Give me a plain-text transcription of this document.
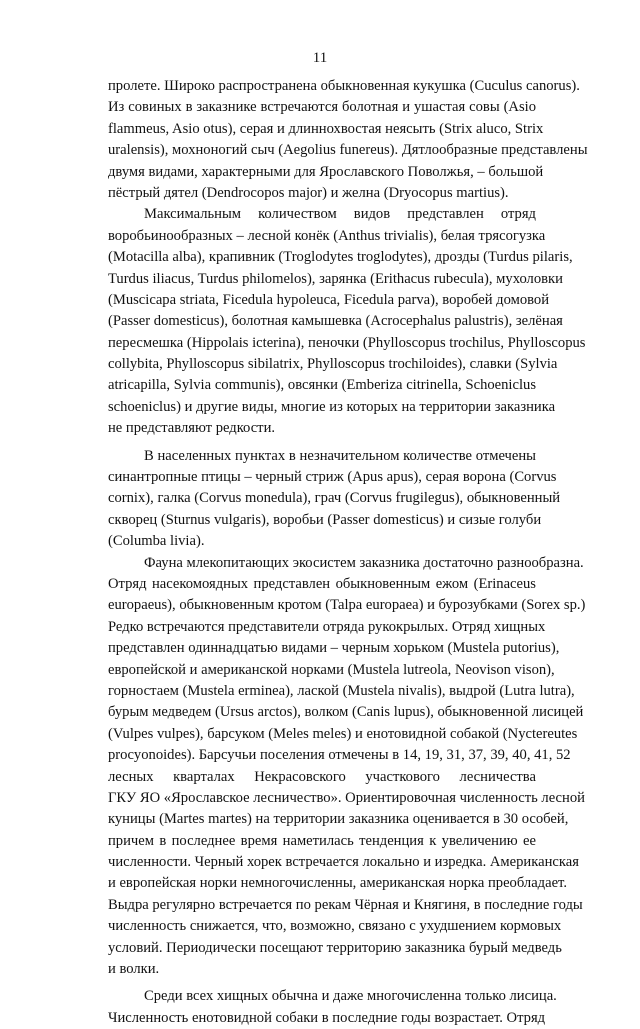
11
пролете. Широко распространена обыкновенная кукушка (Cuculus canorus).
Из совиных в заказнике встречаются болотная и ушастая совы (Asio
flammeus, Asio otus), серая и длиннохвостая неясыть (Strix aluco, Strix
uralensis), мохноногий сыч (Aegolius funereus). Дятлообразные представлены
двумя видами, характерными для Ярославского Поволжья, – большой
пёстрый дятел (Dendrocopos major) и желна (Dryocopus martius).
Максимальным количеством видов представлен отряд
воробьинообразных – лесной конёк (Anthus trivialis), белая трясогузка
(Motacilla alba), крапивник (Troglodytes troglodytes), дрозды (Turdus pilaris,
Turdus iliacus, Turdus philomelos), зарянка (Erithacus rubecula), мухоловки
(Muscicapa striata, Ficedula hypoleuca, Ficedula parva), воробей домовой
(Passer domesticus), болотная камышевка (Acrocephalus palustris), зелёная
пересмешка (Hippolais icterina), пеночки (Phylloscopus trochilus, Phylloscopus
collybita, Phylloscopus sibilatrix, Phylloscopus trochiloides), славки (Sylvia
atricapilla, Sylvia communis), овсянки (Emberiza citrinella, Schoeniclus
schoeniclus) и другие виды, многие из которых на территории заказника
не представляют редкости.
В населенных пунктах в незначительном количестве отмечены
синантропные птицы – черный стриж (Apus apus), серая ворона (Corvus
cornix), галка (Corvus monedula), грач (Corvus frugilegus), обыкновенный
скворец (Sturnus vulgaris), воробьи (Passer domesticus) и сизые голуби
(Columba livia).
Фауна млекопитающих экосистем заказника достаточно разнообразна.
Отряд насекомоядных представлен обыкновенным ежом (Erinaceus
europaeus), обыкновенным кротом (Talpa europaea) и бурозубками (Sorex sp.)
Редко встречаются представители отряда рукокрылых. Отряд хищных
представлен одиннадцатью видами – черным хорьком (Mustela putorius),
европейской и американской норками (Mustela lutreola, Neovison vison),
горностаем (Mustela erminea), лаской (Mustela nivalis), выдрой (Lutra lutra),
бурым медведем (Ursus arctos), волком (Canis lupus), обыкновенной лисицей
(Vulpes vulpes), барсуком (Meles meles) и енотовидной собакой (Nyctereutes
procyonoides). Барсучьи поселения отмечены в 14, 19, 31, 37, 39, 40, 41, 52
лесных кварталах Некрасовского участкового лесничества
ГКУ ЯО «Ярославское лесничество». Ориентировочная численность лесной
куницы (Martes martes) на территории заказника оценивается в 30 особей,
причем в последнее время наметилась тенденция к увеличению ее
численности. Черный хорек встречается локально и изредка. Американская
и европейская норки немногочисленны, американская норка преобладает.
Выдра регулярно встречается по рекам Чёрная и Княгиня, в последние годы
численность снижается, что, возможно, связано с ухудшением кормовых
условий. Периодически посещают территорию заказника бурый медведь
и волки.
Среди всех хищных обычна и даже многочисленна только лисица.
Численность енотовидной собаки в последние годы возрастает. Отряд
